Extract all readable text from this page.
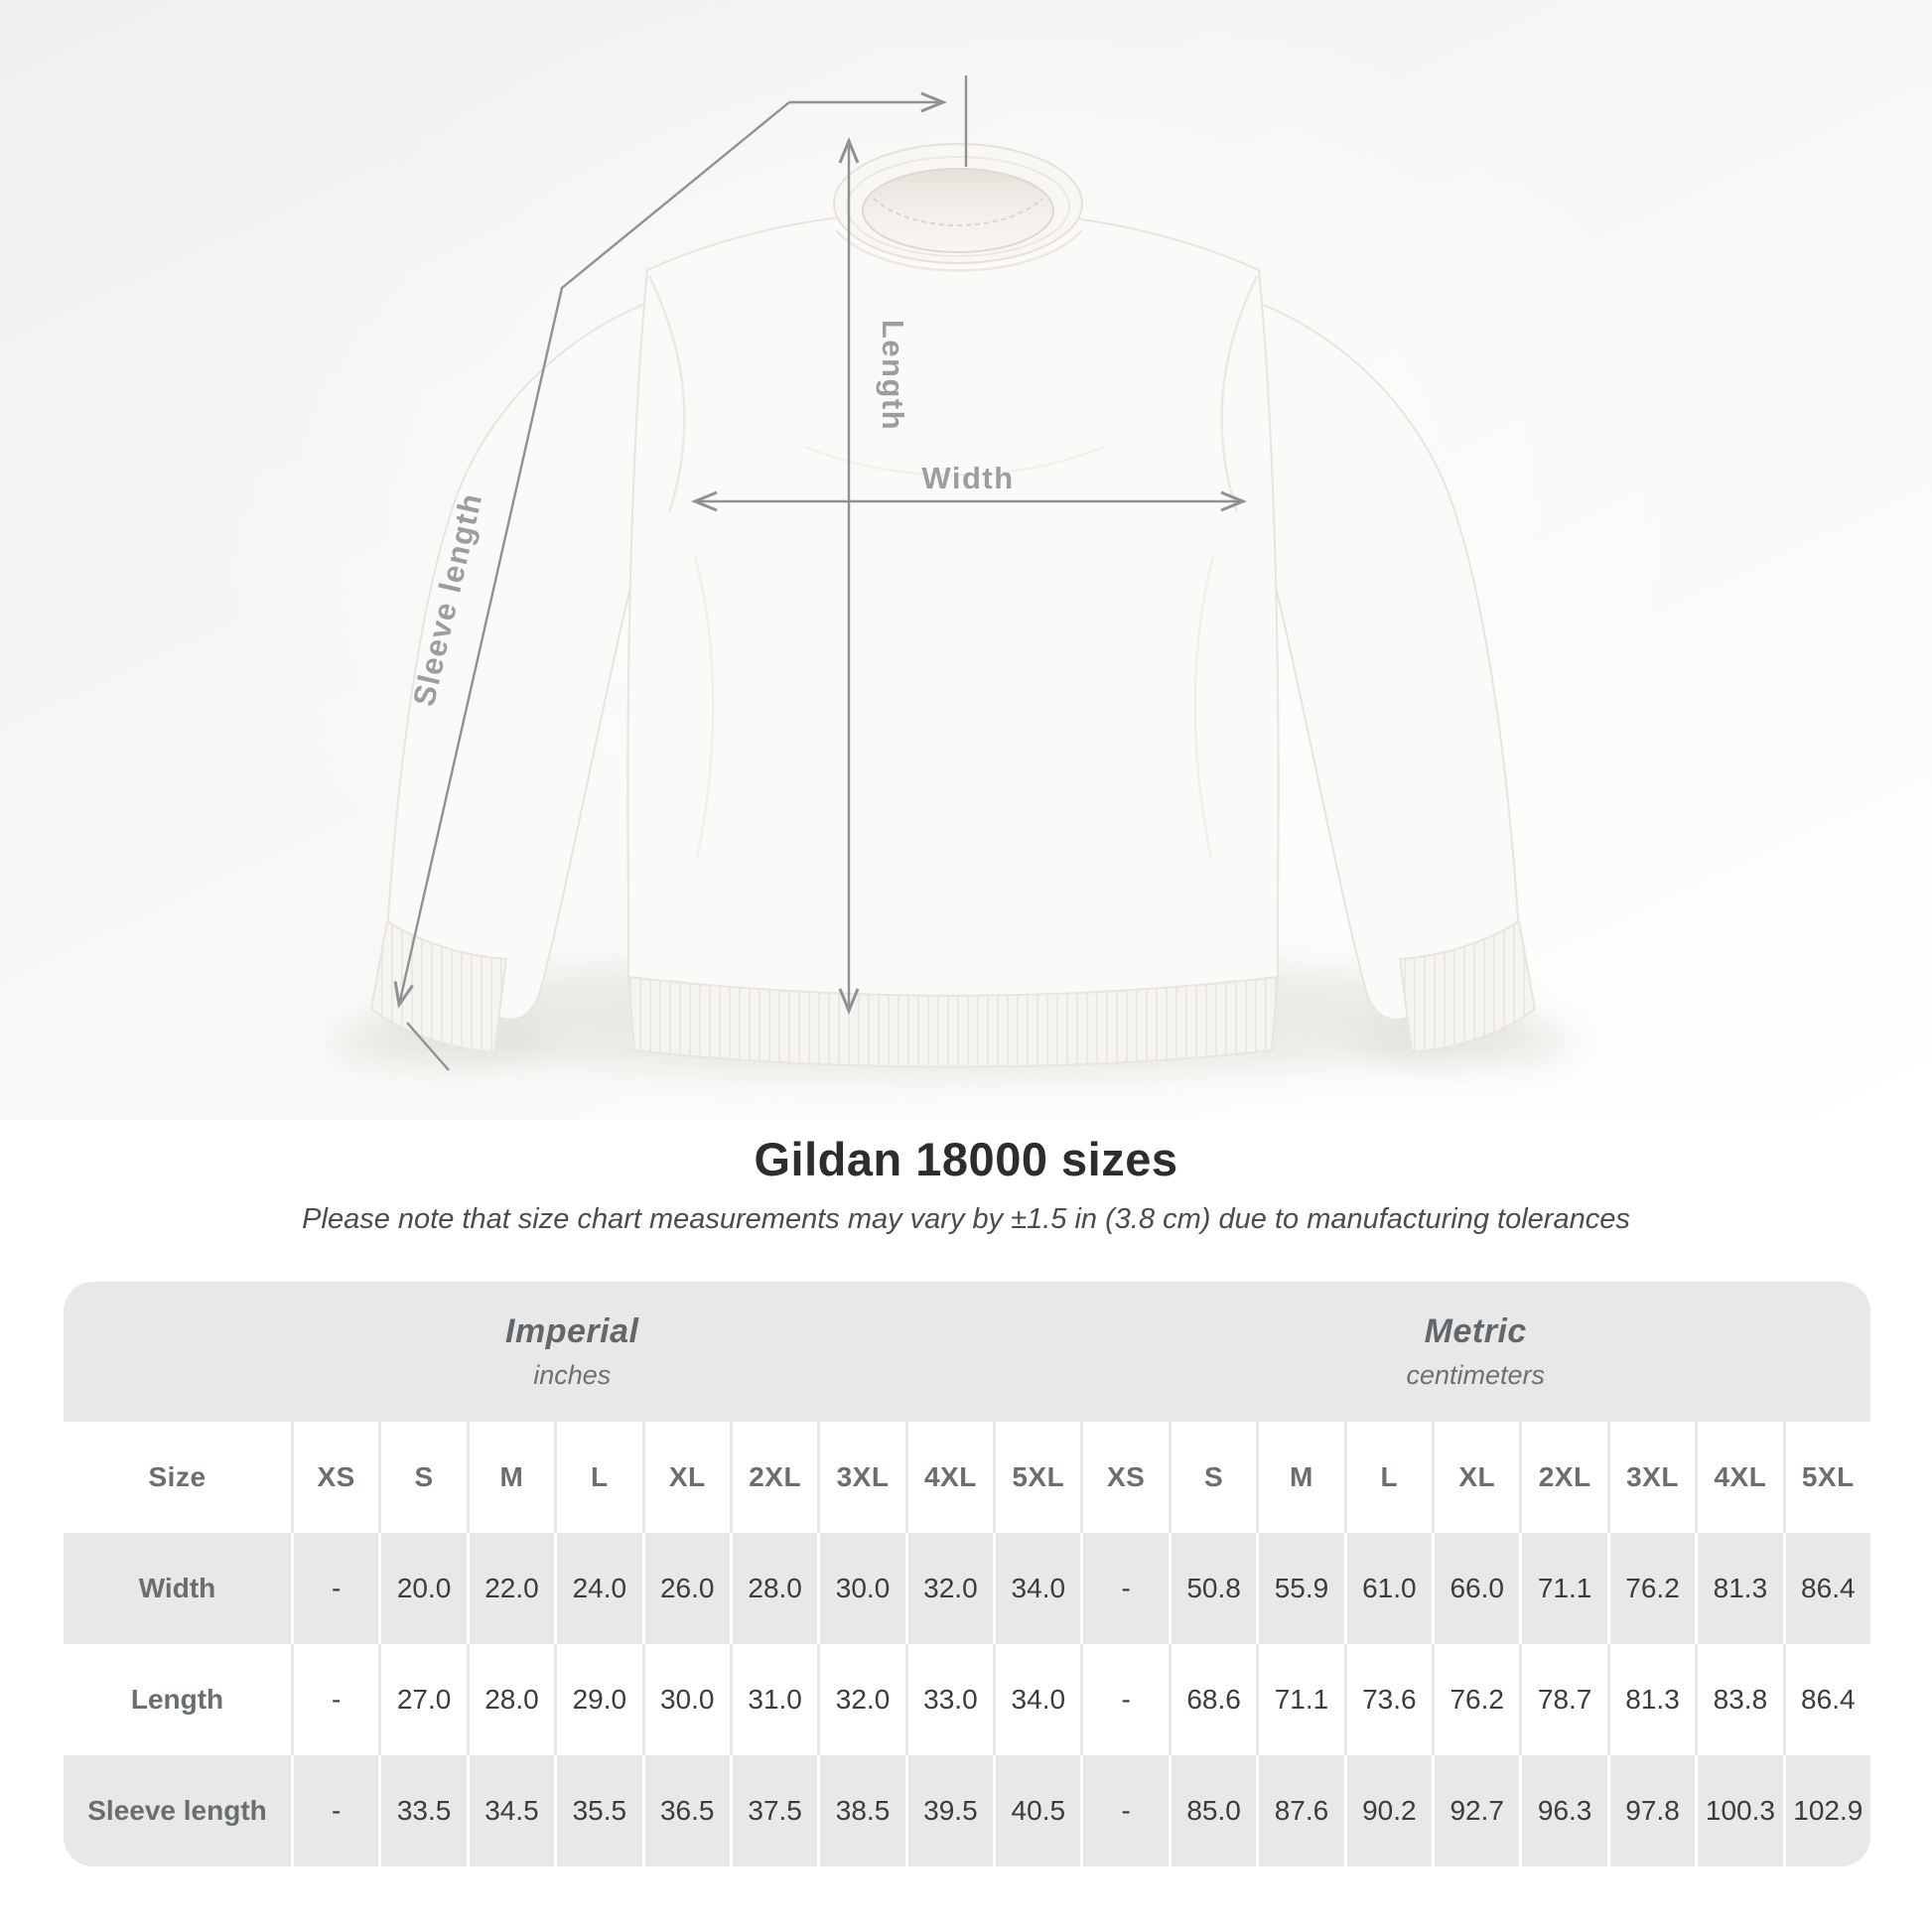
Length
Width
Sleeve length
Gildan 18000 sizes

Please note that size chart measurements may vary by ±1.5 in (3.8 cm) due to manufacturing tolerances

Imperial
inches
Metric
centimeters
Size	XS	S	M	L	XL	2XL	3XL	4XL	5XL	XS	S	M	L	XL	2XL	3XL	4XL	5XL
Width	-	20.0	22.0	24.0	26.0	28.0	30.0	32.0	34.0	-	50.8	55.9	61.0	66.0	71.1	76.2	81.3	86.4
Length	-	27.0	28.0	29.0	30.0	31.0	32.0	33.0	34.0	-	68.6	71.1	73.6	76.2	78.7	81.3	83.8	86.4
Sleeve length	-	33.5	34.5	35.5	36.5	37.5	38.5	39.5	40.5	-	85.0	87.6	90.2	92.7	96.3	97.8 100.3 102.9
